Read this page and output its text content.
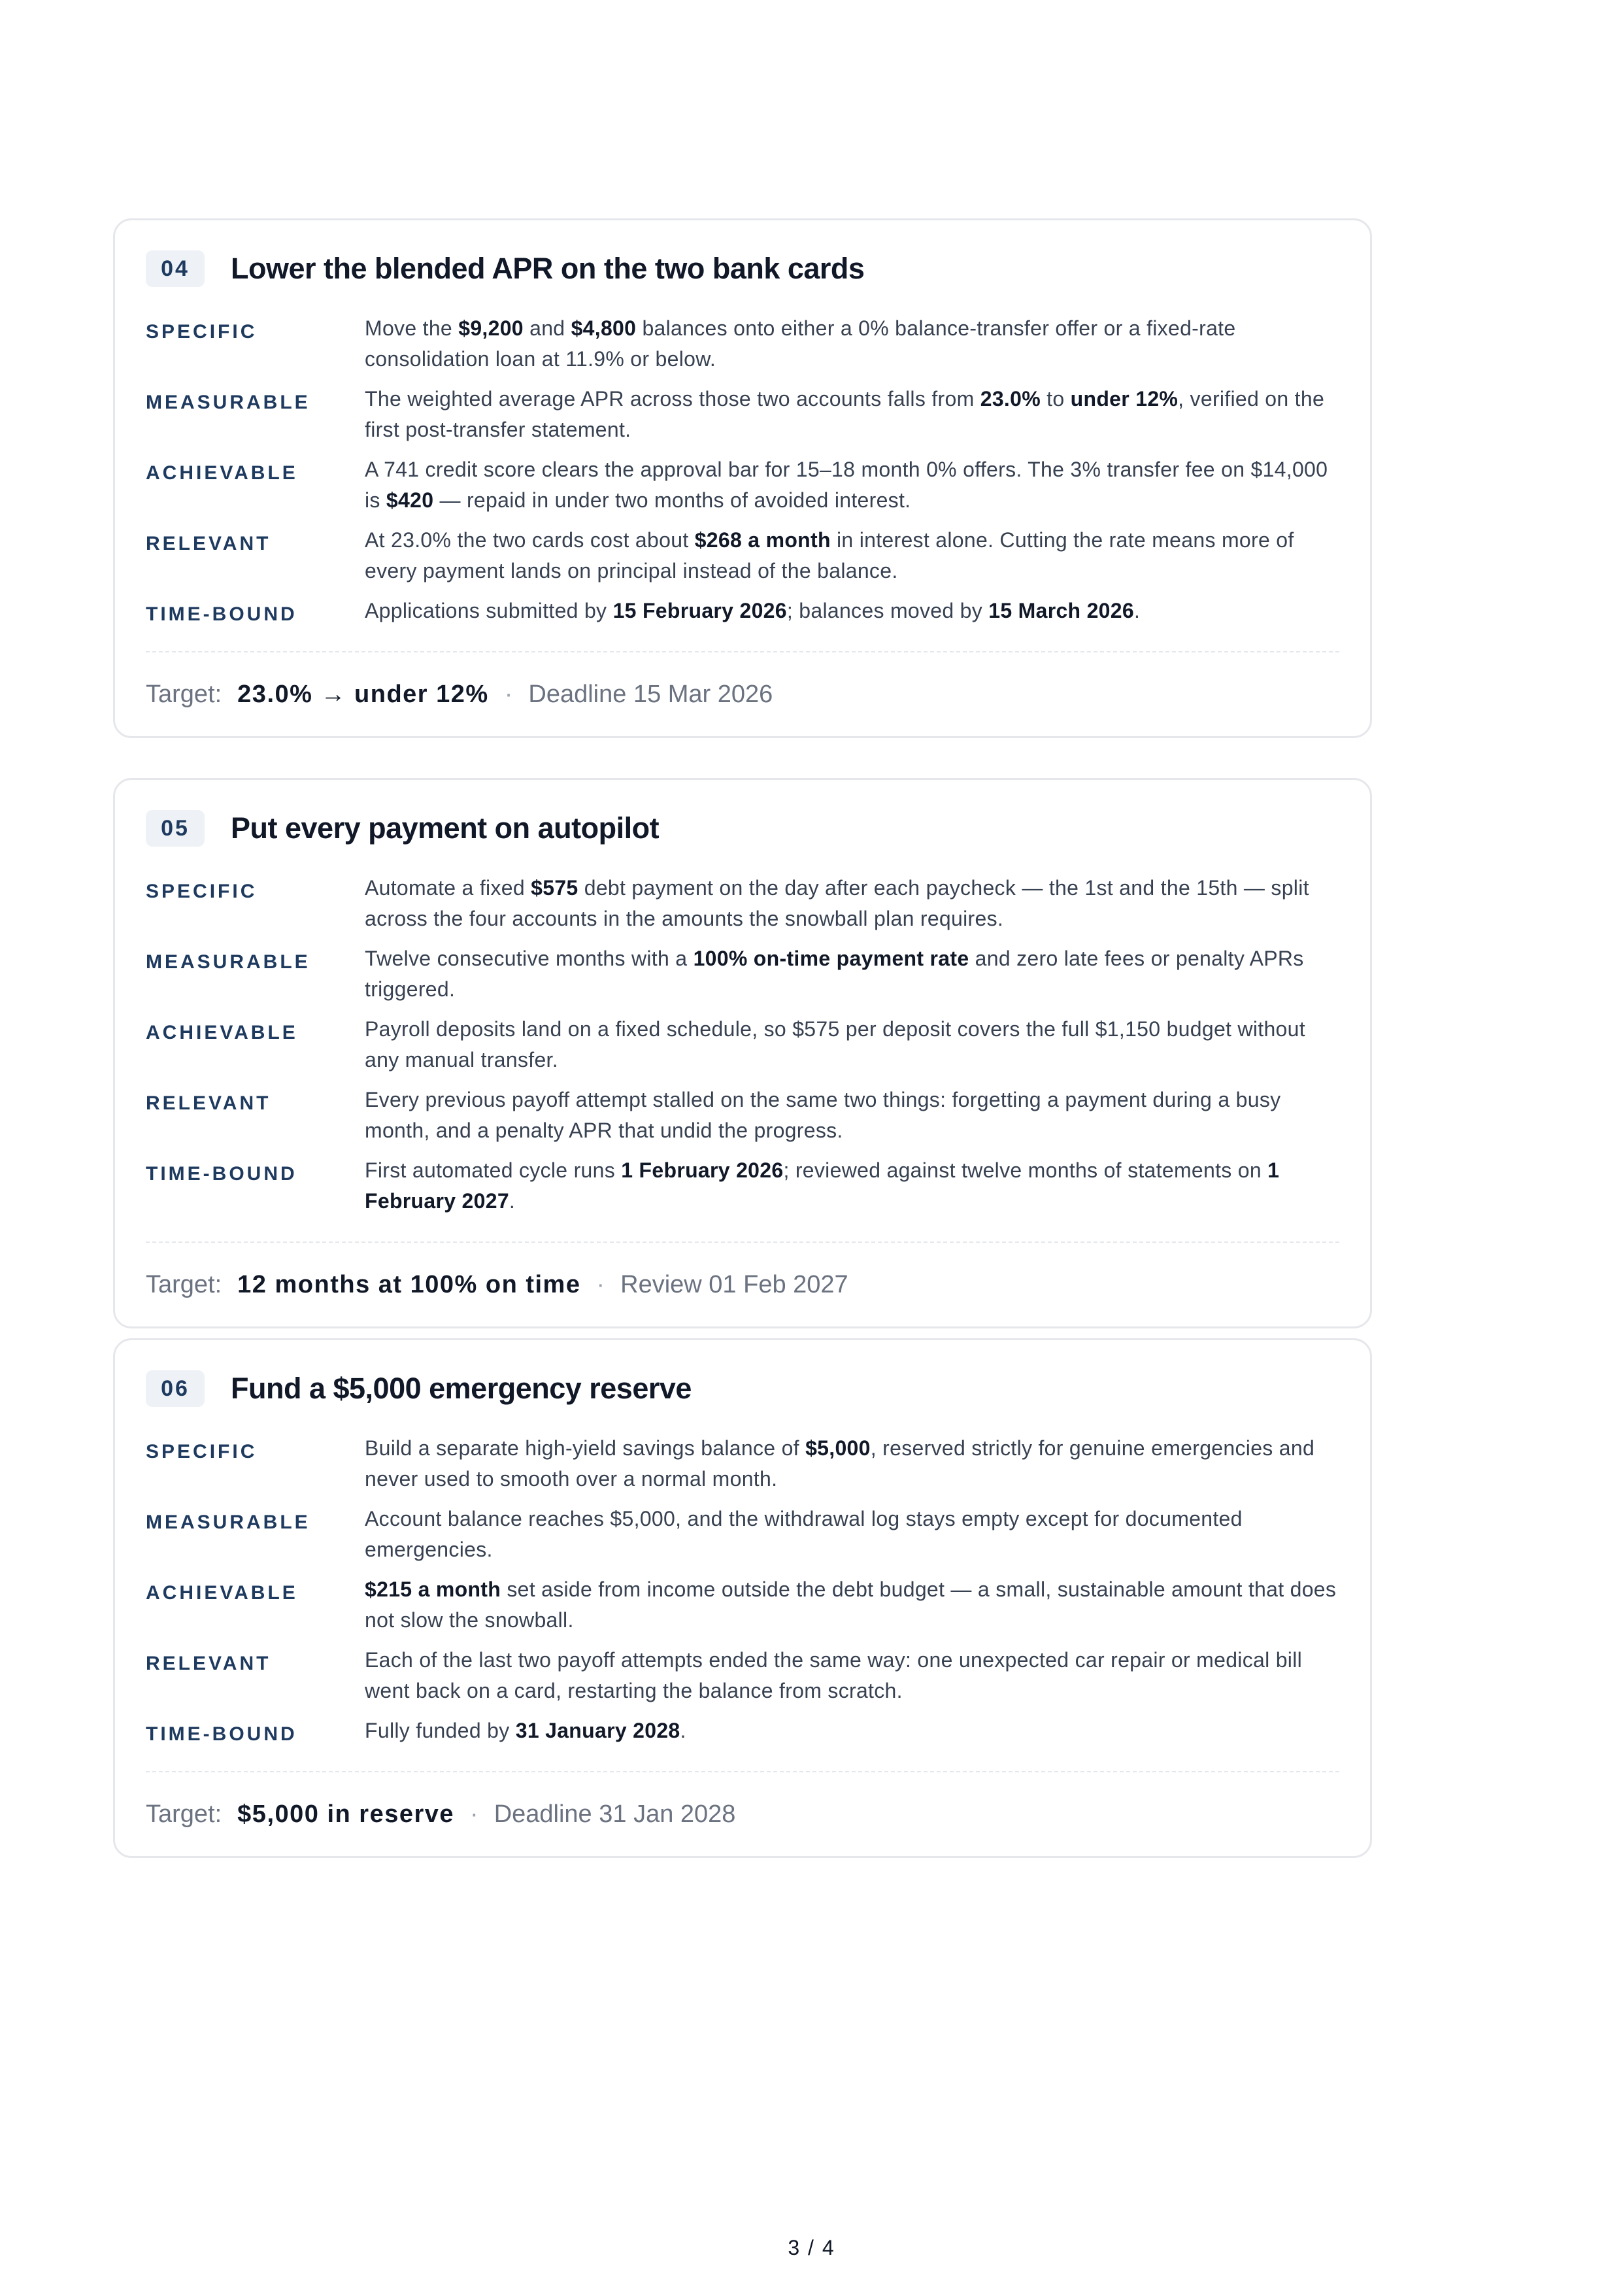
04	Lower the blended APR on the two bank cards
SPECIFIC	Move the $9,200 and $4,800 balances onto either a 0% balance-transfer offer or a fixed-rate consolidation loan at 11.9% or below.
MEASURABLE	The weighted average APR across those two accounts falls from 23.0% to under 12%, verified on the first post-transfer statement.
ACHIEVABLE	A 741 credit score clears the approval bar for 15–18 month 0% offers. The 3% transfer fee on $14,000 is $420 — repaid in under two months of avoided interest.
RELEVANT	At 23.0% the two cards cost about $268 a month in interest alone. Cutting the rate means more of every payment lands on principal instead of the balance.
TIME-BOUND	Applications submitted by 15 February 2026; balances moved by 15 March 2026.
Target: 23.0% → under 12% · Deadline 15 Mar 2026
05	Put every payment on autopilot
SPECIFIC	Automate a fixed $575 debt payment on the day after each paycheck — the 1st and the 15th — split across the four accounts in the amounts the snowball plan requires.
MEASURABLE	Twelve consecutive months with a 100% on-time payment rate and zero late fees or penalty APRs triggered.
ACHIEVABLE	Payroll deposits land on a fixed schedule, so $575 per deposit covers the full $1,150 budget without any manual transfer.
RELEVANT	Every previous payoff attempt stalled on the same two things: forgetting a payment during a busy month, and a penalty APR that undid the progress.
TIME-BOUND	First automated cycle runs 1 February 2026; reviewed against twelve months of statements on 1 February 2027.
Target: 12 months at 100% on time · Review 01 Feb 2027
06	Fund a $5,000 emergency reserve
SPECIFIC	Build a separate high-yield savings balance of $5,000, reserved strictly for genuine emergencies and never used to smooth over a normal month.
MEASURABLE	Account balance reaches $5,000, and the withdrawal log stays empty except for documented emergencies.
ACHIEVABLE	$215 a month set aside from income outside the debt budget — a small, sustainable amount that does not slow the snowball.
RELEVANT	Each of the last two payoff attempts ended the same way: one unexpected car repair or medical bill went back on a card, restarting the balance from scratch.
TIME-BOUND	Fully funded by 31 January 2028.
Target: $5,000 in reserve · Deadline 31 Jan 2028
3 / 4
